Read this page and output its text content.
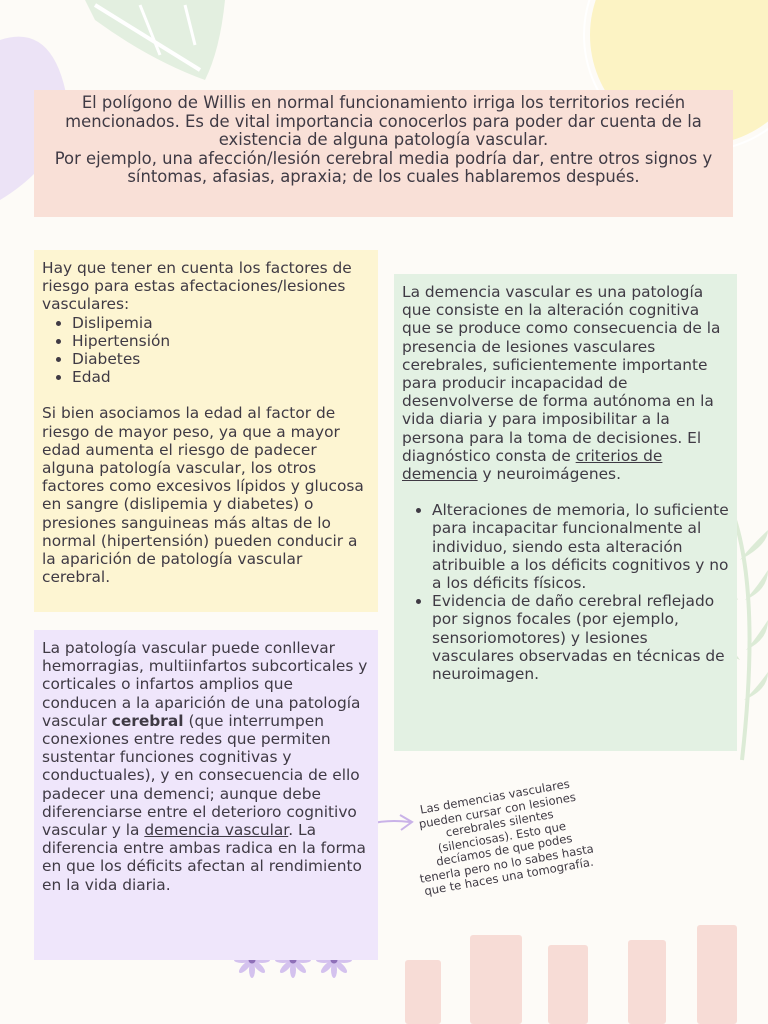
El polígono de Willis en normal funcionamiento irriga los territorios recién mencionados. Es de vital importancia conocerlos para poder dar cuenta de la existencia de alguna patología vascular.

Por ejemplo, una afección/lesión cerebral media podría dar, entre otros signos y síntomas, afasias, apraxia; de los cuales hablaremos después.

Hay que tener en cuenta los factores de riesgo para estas afectaciones/lesiones vasculares:

• Dislipemia
• Hipertensión
• Diabetes
• Edad

Si bien asociamos la edad al factor de riesgo de mayor peso, ya que a mayor edad aumenta el riesgo de padecer alguna patología vascular, los otros factores como excesivos lípidos y glucosa en sangre (dislipemia y diabetes) o presiones sanguineas más altas de lo normal (hipertensión) pueden conducir a la aparición de patología vascular cerebral.

La patología vascular puede conllevar hemorragias, multiinfartos subcorticales y corticales o infartos amplios que conducen a la aparición de una patología vascular cerebral (que interrumpen conexiones entre redes que permiten sustentar funciones cognitivas y conductuales), y en consecuencia de ello padecer una demenci; aunque debe diferenciarse entre el deterioro cognitivo vascular y la demencia vascular. La diferencia entre ambas radica en la forma en que los déficits afectan al rendimiento en la vida diaria.

La demencia vascular es una patología que consiste en la alteración cognitiva que se produce como consecuencia de la presencia de lesiones vasculares cerebrales, suficientemente importante para producir incapacidad de desenvolverse de forma autónoma en la vida diaria y para imposibilitar a la persona para la toma de decisiones. El diagnóstico consta de criterios de demencia y neuroimágenes.

• Alteraciones de memoria, lo suficiente para incapacitar funcionalmente al individuo, siendo esta alteración atribuible a los déficits cognitivos y no a los déficits físicos.
• Evidencia de daño cerebral reflejado por signos focales (por ejemplo, sensoriomotores) y lesiones vasculares observadas en técnicas de neuroimagen.
Las demencias vasculares pueden cursar con lesiones cerebrales silentes (silenciosas). Esto que decíamos de que podes tenerla pero no lo sabes hasta que te haces una tomografía.
